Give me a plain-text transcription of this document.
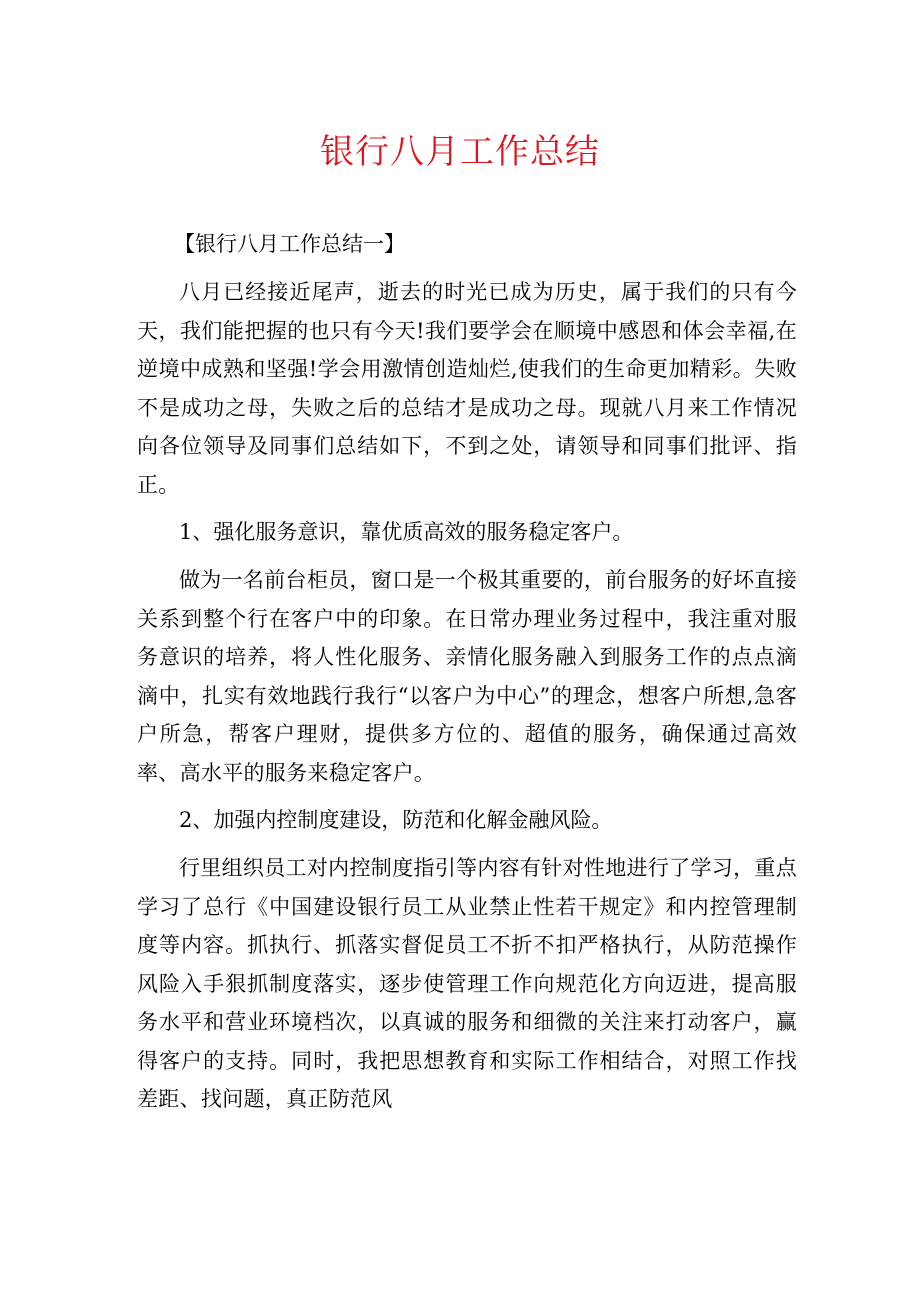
银行八月工作总结

【银行八月工作总结一】

八月已经接近尾声，逝去的时光已成为历史，属于我们的只有今天，我们能把握的也只有今天!我们要学会在顺境中感恩和体会幸福,在逆境中成熟和坚强!学会用激情创造灿烂,使我们的生命更加精彩。失败不是成功之母，失败之后的总结才是成功之母。现就八月来工作情况向各位领导及同事们总结如下，不到之处，请领导和同事们批评、指正。

1、强化服务意识，靠优质高效的服务稳定客户。

做为一名前台柜员，窗口是一个极其重要的，前台服务的好坏直接关系到整个行在客户中的印象。在日常办理业务过程中，我注重对服务意识的培养，将人性化服务、亲情化服务融入到服务工作的点点滴滴中，扎实有效地践行我行“以客户为中心”的理念，想客户所想,急客户所急，帮客户理财，提供多方位的、超值的服务，确保通过高效率、高水平的服务来稳定客户。

2、加强内控制度建设，防范和化解金融风险。

行里组织员工对内控制度指引等内容有针对性地进行了学习，重点学习了总行《中国建设银行员工从业禁止性若干规定》和内控管理制度等内容。抓执行、抓落实督促员工不折不扣严格执行，从防范操作风险入手狠抓制度落实，逐步使管理工作向规范化方向迈进，提高服务水平和营业环境档次，以真诚的服务和细微的关注来打动客户，赢得客户的支持。同时，我把思想教育和实际工作相结合，对照工作找差距、找问题，真正防范风
